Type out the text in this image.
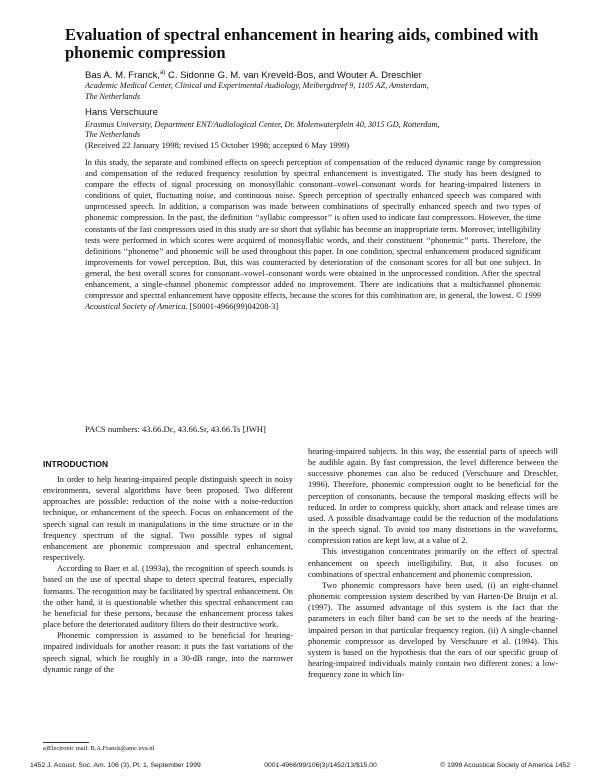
Evaluation of spectral enhancement in hearing aids, combined with phonemic compression
Bas A. M. Franck,$^{a)}$ C. Sidonne G. M. van Kreveld-Bos, and Wouter A. Dreschler
Academic Medical Center, Clinical and Experimental Audiology, Meibergdreef 9, 1105 AZ, Amsterdam,
The Netherlands
Hans Verschuure
Erasmus University, Department ENT/Audiological Center, Dr. Molenwaterplein 40, 3015 GD, Rotterdam,
The Netherlands
(Received 22 January 1998; revised 15 October 1998; accepted 6 May 1999)
In this study, the separate and combined effects on speech perception of compensation of the reduced dynamic range by compression and compensation of the reduced frequency resolution by spectral enhancement is investigated. The study has been designed to compare the effects of signal processing on monosyllabic consonant–vowel–consonant words for hearing-impaired listeners in conditions of quiet, fluctuating noise, and continuous noise. Speech perception of spectrally enhanced speech was compared with unprocessed speech. In addition, a comparison was made between combinations of spectrally enhanced speech and two types of phonemic compression. In the past, the definition ‘‘syllabic compressor’’ is often used to indicate fast compressors. However, the time constants of the fast compressors used in this study are so short that syllabic has become an inappropriate term. Moreover, intelligibility tests were performed in which scores were acquired of monosyllabic words, and their constituent ‘‘phonemic’’ parts. Therefore, the definitions ‘‘phoneme’’ and phonemic will be used throughout this paper. In one condition, spectral enhancement produced significant improvements for vowel perception. But, this was counteracted by deterioration of the consonant scores for all but one subject. In general, the best overall scores for consonant–vowel–consonant words were obtained in the unprocessed condition. After the spectral enhancement, a single-channel phonemic compressor added no improvement. There are indications that a multichannel phonemic compressor and spectral enhancement have opposite effects, because the scores for this combination are, in general, the lowest. © 1999 Acoustical Society of America. [S0001-4966(99)04208-3]
PACS numbers: 43.66.Dc, 43.66.Sr, 43.66.Ts [JWH]
INTRODUCTION

In order to help hearing-impaired people distinguish speech in noisy environments, several algorithms have been proposed. Two different approaches are possible: reduction of the noise with a noise-reduction technique, or enhancement of the speech. Focus on enhancement of the speech signal can result in manipulations in the time structure or in the frequency spectrum of the signal. Two possible types of signal enhancement are phonemic compression and spectral enhancement, respectively.

According to Baer et al. (1993a), the recognition of speech sounds is based on the use of spectral shape to detect spectral features, especially formants. The recognition may be facilitated by spectral enhancement. On the other hand, it is questionable whether this spectral enhancement can be beneficial for these persons, because the enhancement process takes place before the deteriorated auditory filters do their destructive work.

Phonemic compression is assumed to be beneficial for hearing-impaired individuals for another reason: it puts the fast variations of the speech signal, which lie roughly in a 30-dB range, into the narrower dynamic range of the

hearing-impaired subjects. In this way, the essential parts of speech will be audible again. By fast compression, the level difference between the successive phonemes can also be reduced (Verschuure and Dreschler, 1996). Therefore, phonemic compression ought to be beneficial for the perception of consonants, because the temporal masking effects will be reduced. In order to compress quickly, short attack and release times are used. A possible disadvantage could be the reduction of the modulations in the speech signal. To avoid too many distortions in the waveforms, compression ratios are kept low, at a value of 2.

This investigation concentrates primarily on the effect of spectral enhancement on speech intelligibility. But, it also focuses on combinations of spectral enhancement and phonemic compression.

Two phonemic compressors have been used, (i) an eight-channel phonemic compression system described by van Harten-De Bruijn et al. (1997). The assumed advantage of this system is the fact that the parameters in each filter band can be set to the needs of the hearing-impaired person in that particular frequency region. (ii) A single-channel phonemic compressor as developed by Verschuure et al. (1994). This system is based on the hypothesis that the ears of our specific group of hearing-impaired individuals mainly contain two different zones: a low-frequency zone in which lin-

a)Electronic mail: B.A.Franck@amc.uva.nl
1452 J. Acoust. Soc. Am. 106 (3), Pt. 1, September 1999	0001-4966/99/106(3)/1452/13/$15.00	© 1999 Acoustical Society of America 1452
